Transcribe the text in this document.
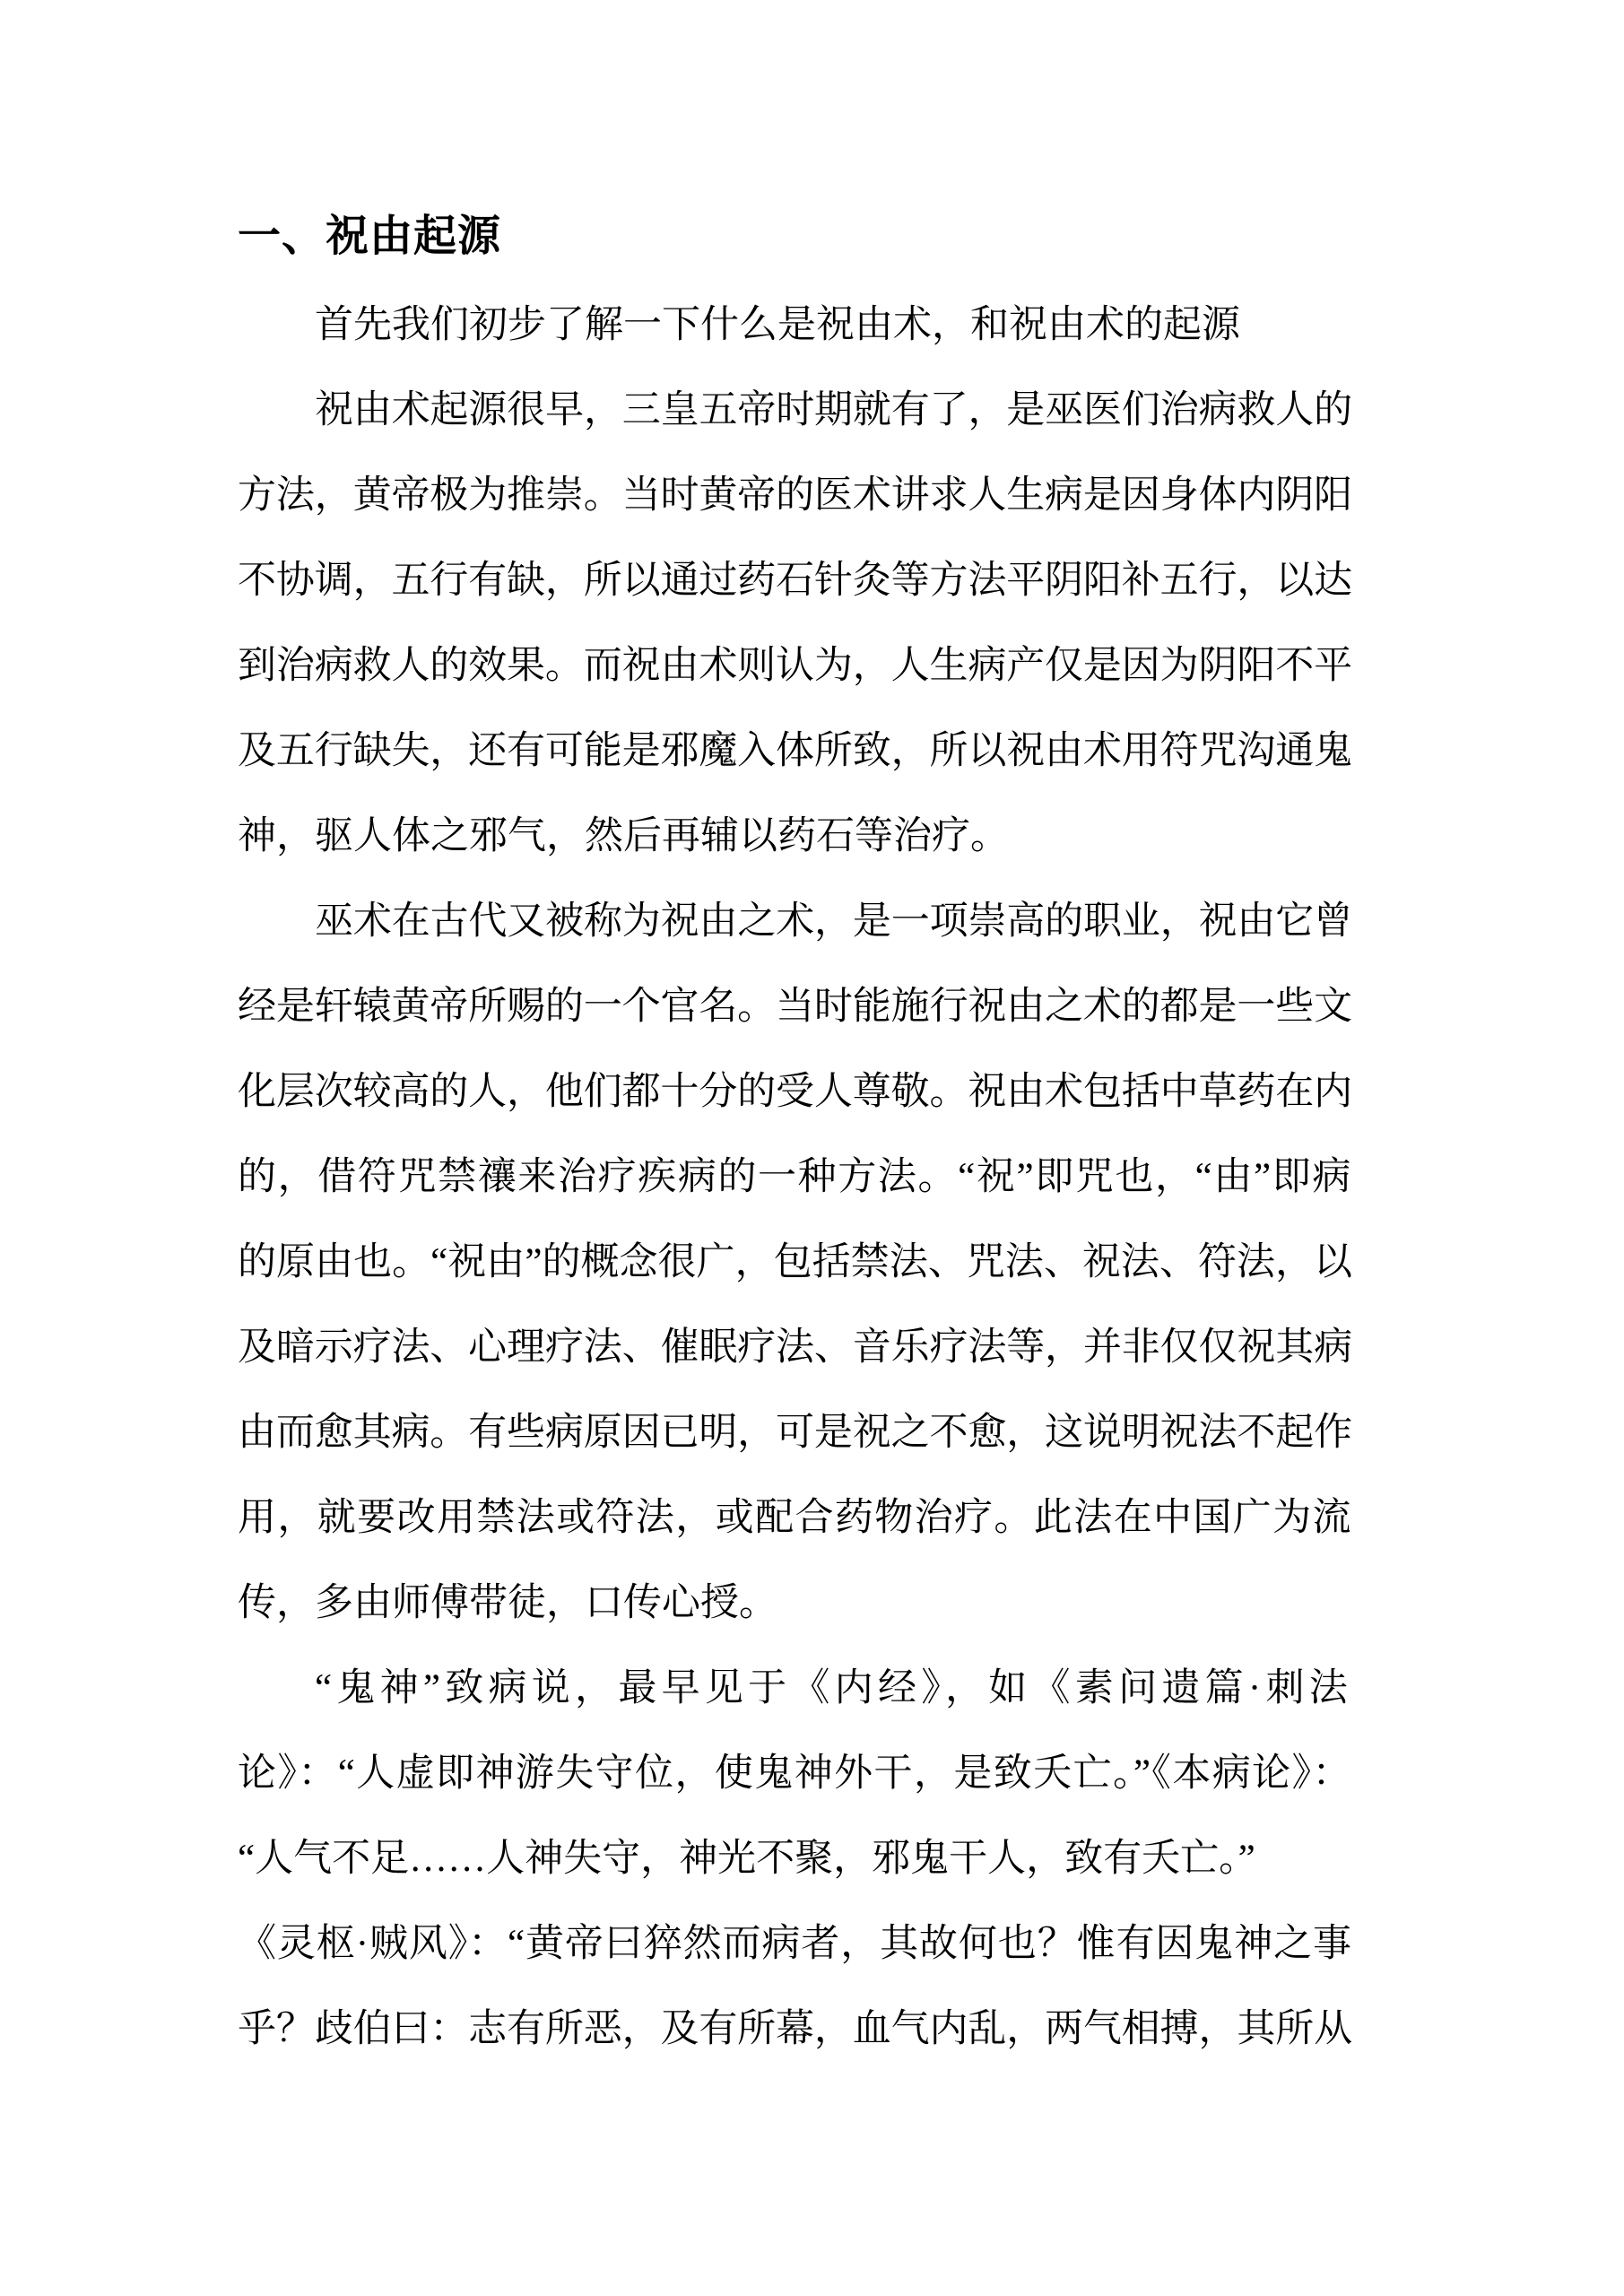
一、祝由起源
首先我们初步了解一下什么是祝由术，和祝由术的起源
祝由术起源很早，三皇五帝时期就有了，是巫医们治病救人的
方法，黄帝极为推崇。当时黄帝的医术讲求人生病是因身体内阴阳
不协调，五行有缺，所以通过药石针灸等方法平阴阳补五行，以达
到治病救人的效果。而祝由术则认为，人生病产仅是因为阴阳不平
及五行缺失，还有可能是邪魔入体所致，所以祝由术用符咒沟通鬼
神，驱人体之邪气，然后再辅以药石等治疗。
巫术在古代又被称为祝由之术，是一项崇高的职业，祝由它曾
经是轩辕黄帝所赐的一个官名。当时能施行祝由之术的都是一些文
化层次较高的人，他们都十分的受人尊敬。祝由术包括中草药在内
的，借符咒禁禳来治疗疾病的一种方法。“祝”即咒也，“由”即病
的原由也。“祝由”的概念很广，包括禁法、咒法、祝法、符法，以
及暗示疗法、心理疗法、催眠疗法、音乐疗法等，并非仅仅祝其病
由而愈其病。有些病原因已明，可是祝之不愈，这说明祝法不起作
用，就要改用禁法或符法，或配合药物治疗。此法在中国广为流
传，多由师傅带徒，口传心授。
“鬼神”致病说，最早见于《内经》，如《素问遗篇·刺法
论》：“人虚即神游失守位，使鬼神外干，是致夭亡。”《本病论》：
“人气不足……人神失守，神光不聚，邪鬼干人，致有夭亡。”
《灵枢·贼风》：“黄帝曰猝然而病者，其故何也？惟有因鬼神之事
乎？歧伯曰：志有所恶，及有所幕，血气内乱，两气相搏，其所从
